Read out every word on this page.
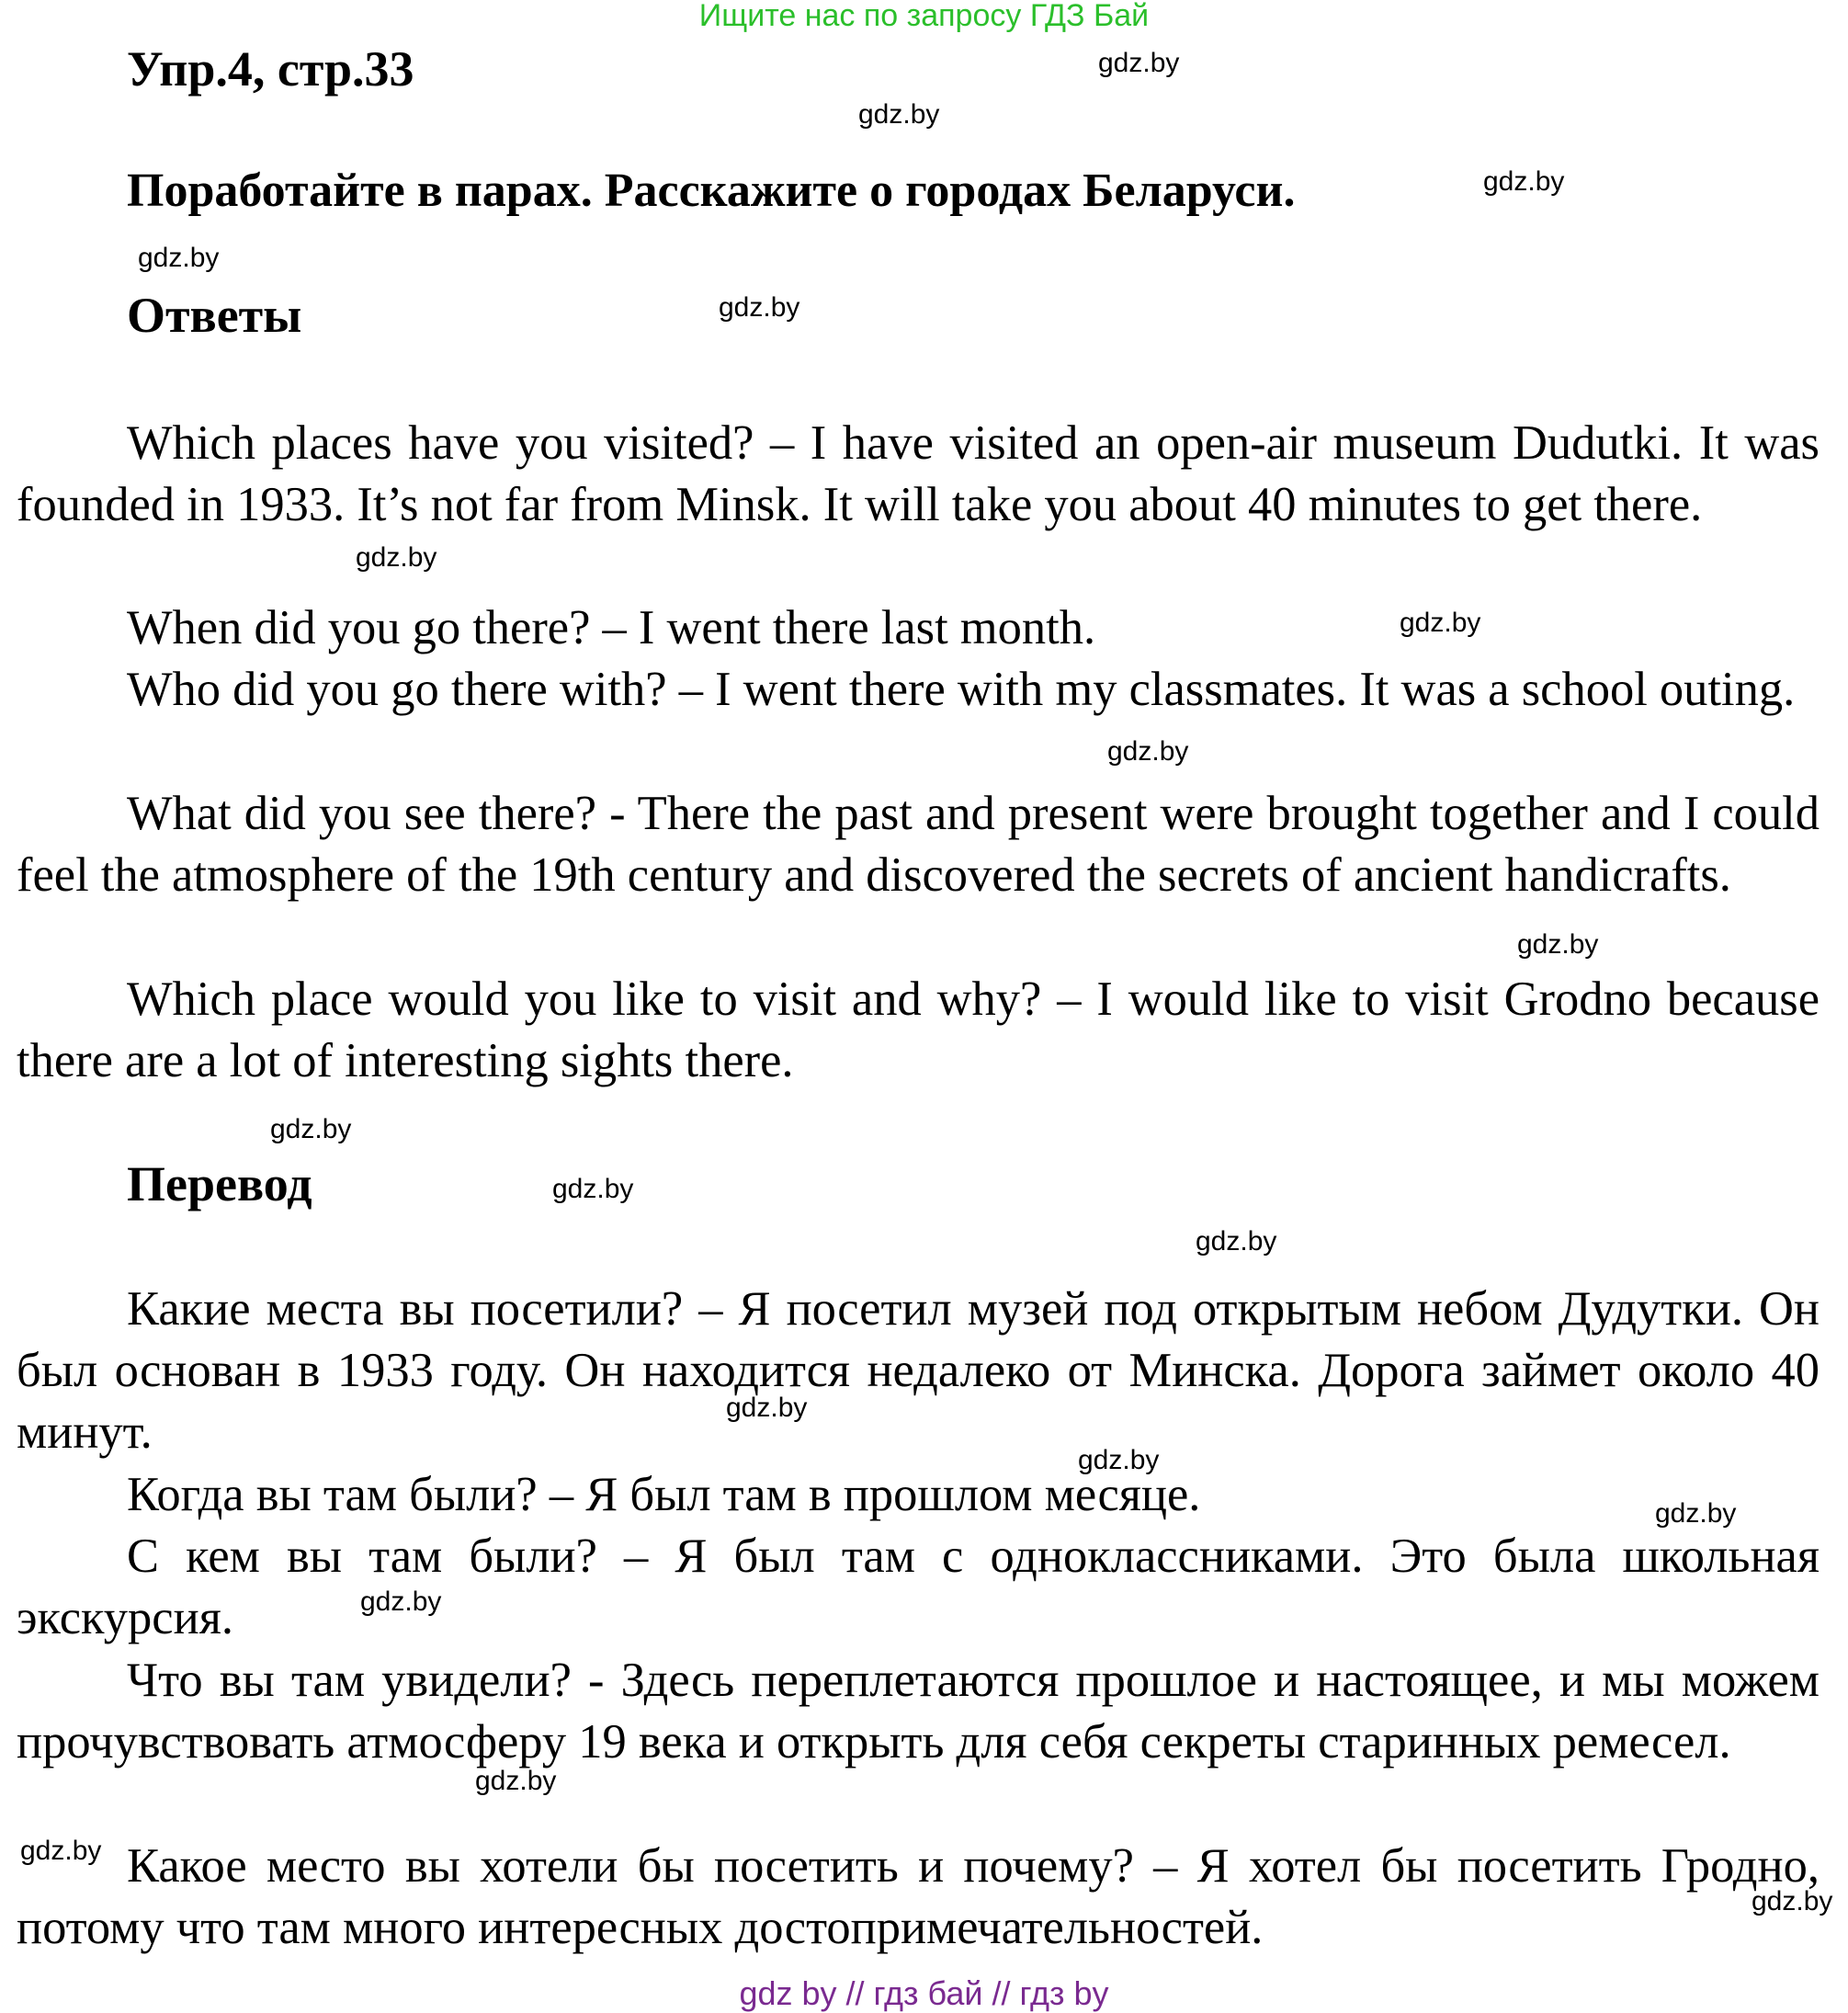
Ищите нас по запросу ГДЗ Бай
Упр.4, стр.33
Поработайте в парах. Расскажите о городах Беларуси.
Ответы
Which places have you visited? – I have visited an open-air museum Dudutki. It was founded in 1933. It’s not far from Minsk. It will take you about 40 minutes to get there.
When did you go there? – I went there last month.
Who did you go there with? – I went there with my classmates. It was a school outing.
What did you see there? - There the past and present were brought together and I could feel the atmosphere of the 19th century and discovered the secrets of ancient handicrafts.
Which place would you like to visit and why? – I would like to visit Grodno because there are a lot of interesting sights there.
Перевод
Какие места вы посетили? – Я посетил музей под открытым небом Дудутки. Он был основан в 1933 году. Он находится недалеко от Минска. Дорога займет около 40 минут.
Когда вы там были? – Я был там в прошлом месяце.
С кем вы там были? – Я был там с одноклассниками. Это была школьная экскурсия.
Что вы там увидели? - Здесь переплетаются прошлое и настоящее, и мы можем прочувствовать атмосферу 19 века и открыть для себя секреты старинных ремесел.
Какое место вы хотели бы посетить и почему? – Я хотел бы посетить Гродно, потому что там много интересных достопримечательностей.
gdz.by
gdz.by
gdz.by
gdz.by
gdz.by
gdz.by
gdz.by
gdz.by
gdz.by
gdz.by
gdz.by
gdz.by
gdz.by
gdz.by
gdz.by
gdz.by
gdz.by
gdz.by
gdz.by
gdz by // гдз бай // гдз by
